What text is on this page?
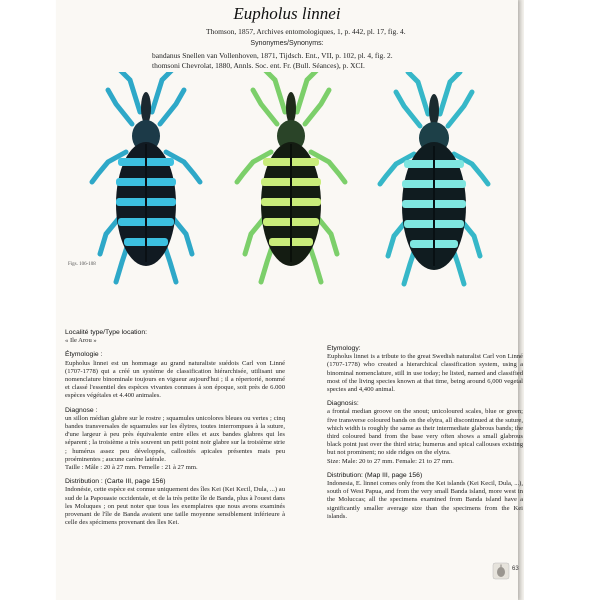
Eupholus linnei
Thomson, 1857, Archives entomologiques, 1, p. 442, pl. 17, fig. 4.
Synonymes/Synonyms:
bandanus Snellen van Vollenhoven, 1871, Tijdsch. Ent., VII, p. 102, pl. 4, fig. 2.
thomsoni Chevrolat, 1880, Annls. Soc. ent. Fr. (Bull. Séances), p. XCI.
Figs. 106-108

Localité type/Type location:
« Ile Arou »

Étymologie :
Eupholus linnei est un hommage au grand naturaliste suédois Carl von Linné (1707-1778) qui a créé un système de classification hiérarchisée, utilisant une nomenclature binominale toujours en vigueur aujourd'hui ; il a répertorié, nommé et classé l'essentiel des espèces vivantes connues à son époque, soit près de 6.000 espèces végétales et 4.400 animales.

Diagnose :
un sillon médian glabre sur le rostre ; squamules unicolores bleues ou vertes ; cinq bandes transversales de squamules sur les élytres, toutes interrompues à la suture, d'une largeur à peu près équivalente entre elles et aux bandes glabres qui les séparent ; la troisième a très souvent un petit point noir glabre sur la troisième strie ; humérus assez peu développés, callosités apicales présentes mais peu proéminentes ; aucune carène latérale.
Taille : Mâle : 20 à 27 mm. Femelle : 21 à 27 mm.

Distribution : (Carte III, page 156)
Indonésie, cette espèce est connue uniquement des îles Kei (Kei Kecil, Dula, ...) au sud de la Papouasie occidentale, et de la très petite île de Banda, plus à l'ouest dans les Moluques ; on peut noter que tous les exemplaires que nous avons examinés provenant de l'île de Banda avaient une taille moyenne sensiblement inférieure à celle des spécimens provenant des îles Kei.

Etymology:
Eupholus linnei is a tribute to the great Swedish naturalist Carl von Linné (1707-1778) who created a hierarchical classification system, using a binominal nomenclature, still in use today; he listed, named and classified most of the living species known at that time, being around 6,000 vegetal species and 4,400 animal.

Diagnosis:
a frontal median groove on the snout; unicoloured scales, blue or green; five transverse coloured bands on the elytra, all discontinued at the suture, which width is roughly the same as their intermediate glabrous bands; the third coloured band from the base very often shows a small glabrous black point just over the third stria; humerus and spical callouses existing but not prominent; no side ridges on the elytra.
Size: Male: 20 to 27 mm. Female: 21 to 27 mm.

Distribution: (Map III, page 156)
Indonesia, E. linnei comes only from the Kei islands (Kei Kecil, Dula, ...), south of West Papua, and from the very small Banda island, more west in the Moluccas; all the specimens examined from Banda island have a significantly smaller average size than the specimens from the Kei islands.

63
